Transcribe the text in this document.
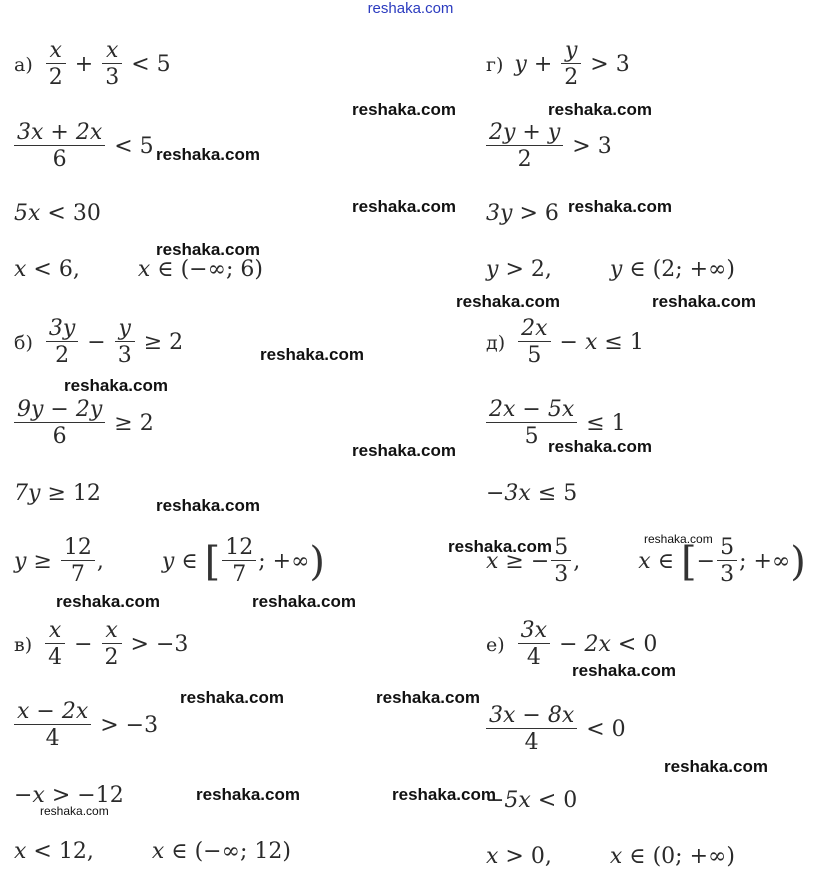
reshaka.com
$а) \frac{x}{2} + \frac{x}{3} < 5$
$\frac{3x + 2x}{6} < 5$
5x < 30
x < 6,	x ∈ (−∞; 6)
$б) \frac{3y}{2} - \frac{y}{3} \ge 2$
$\frac{9y - 2y}{6} \ge 2$
7y ≥ 12
$y \ge \frac{12}{7}$ ,	y ∈ [ $\frac{12}{7}$ ; +∞)
$в) \frac{x}{4} - \frac{x}{2} > -3$
$\frac{x - 2x}{4} > -3$
−x > −12
x < 12,	x ∈ (−∞; 12)
г) $y + \frac{y}{2} > 3$
$\frac{2y + y}{2} > 3$
3y > 6
y > 2,	y ∈ (2; +∞)
$д) \frac{2x}{5} - x \le 1$
$\frac{2x - 5x}{5} \le 1$
−3x ≤ 5
x ≥ − $\frac{5}{3}$ ,	x ∈ [− $\frac{5}{3}$ ; +∞)
$е) \frac{3x}{4} - 2x < 0$
$\frac{3x - 8x}{4} < 0$
−5x < 0
x > 0,	x ∈ (0; +∞)
reshaka.com	reshaka.com
reshaka.com
reshaka.com	reshaka.com
reshaka.com
reshaka.com	reshaka.com
reshaka.com
reshaka.com
reshaka.com	reshaka.com
reshaka.com
reshaka.com	reshaka.com
reshaka.com	reshaka.com
reshaka.com	reshaka.com
reshaka.com
reshaka.com
reshaka.com	reshaka.com
reshaka.com
